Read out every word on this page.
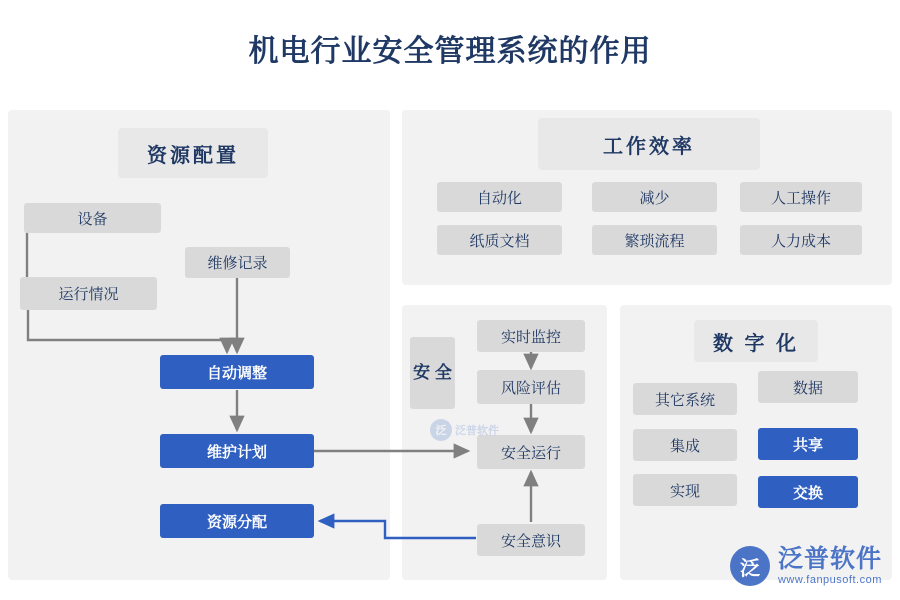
机电行业安全管理系统的作用
资源配置
设备
维修记录
运行情况
自动调整
维护计划
资源分配
工作效率
自动化	减少	人工操作
纸质文档	繁琐流程	人力成本
安 全
实时监控
风险评估
安全运行
安全意识
数 字 化
其它系统
数据
集成	共享
实现	交换
泛 泛普软件
泛 泛普软件
www.fanpusoft.com
